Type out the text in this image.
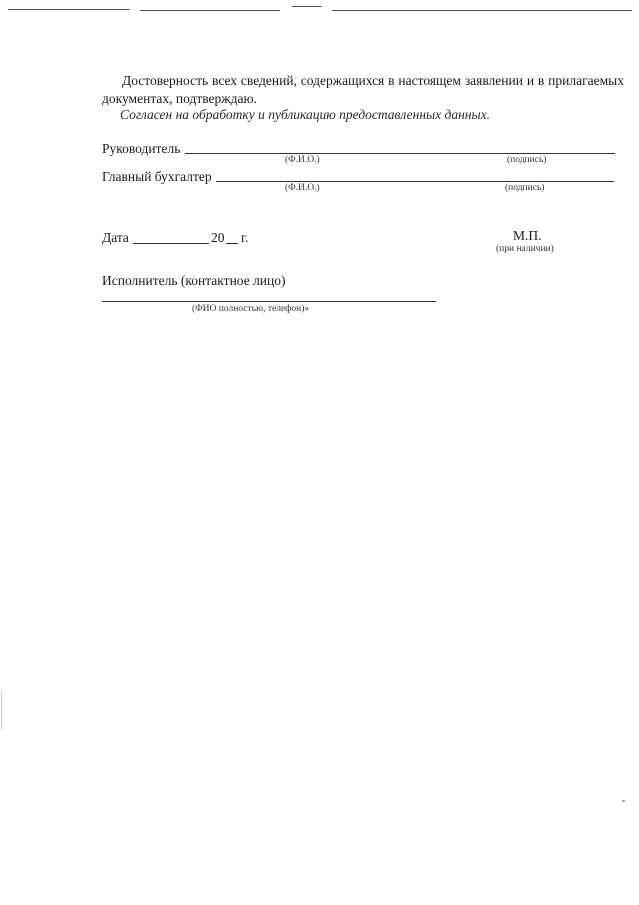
Достоверность всех сведений, содержащихся в настоящем заявлении и в прилагаемых документах, подтверждаю.
Согласен на обработку и публикацию предоставленных данных.
Руководитель
(Ф.И.О.)	(подпись)
Главный бухгалтер
(Ф.И.О.)	(подпись)
Дата	20 г.	М.П.
(при наличии)
Исполнитель (контактное лицо)
(ФИО полностью, телефон)»
